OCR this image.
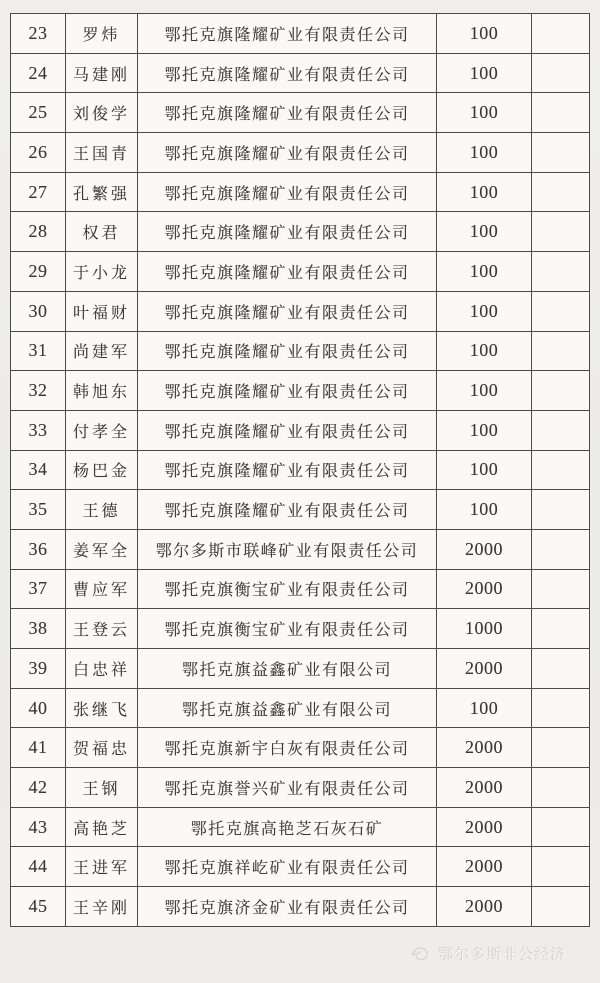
23	罗炜	鄂托克旗隆耀矿业有限责任公司	100	
24	马建刚	鄂托克旗隆耀矿业有限责任公司	100	
25	刘俊学	鄂托克旗隆耀矿业有限责任公司	100	
26	王国青	鄂托克旗隆耀矿业有限责任公司	100	
27	孔繁强	鄂托克旗隆耀矿业有限责任公司	100	
28	权君	鄂托克旗隆耀矿业有限责任公司	100	
29	于小龙	鄂托克旗隆耀矿业有限责任公司	100	
30	叶福财	鄂托克旗隆耀矿业有限责任公司	100	
31	尚建军	鄂托克旗隆耀矿业有限责任公司	100	
32	韩旭东	鄂托克旗隆耀矿业有限责任公司	100	
33	付孝全	鄂托克旗隆耀矿业有限责任公司	100	
34	杨巴金	鄂托克旗隆耀矿业有限责任公司	100	
35	王德	鄂托克旗隆耀矿业有限责任公司	100	
36	姜军全	鄂尔多斯市联峰矿业有限责任公司	2000	
37	曹应军	鄂托克旗衡宝矿业有限责任公司	2000	
38	王登云	鄂托克旗衡宝矿业有限责任公司	1000	
39	白忠祥	鄂托克旗益鑫矿业有限公司	2000	
40	张继飞	鄂托克旗益鑫矿业有限公司	100	
41	贺福忠	鄂托克旗新宇白灰有限责任公司	2000	
42	王钢	鄂托克旗誉兴矿业有限责任公司	2000	
43	高艳芝	鄂托克旗高艳芝石灰石矿	2000	
44	王进军	鄂托克旗祥屹矿业有限责任公司	2000	
45	王辛刚	鄂托克旗济金矿业有限责任公司	2000	
鄂尔多斯非公经济
